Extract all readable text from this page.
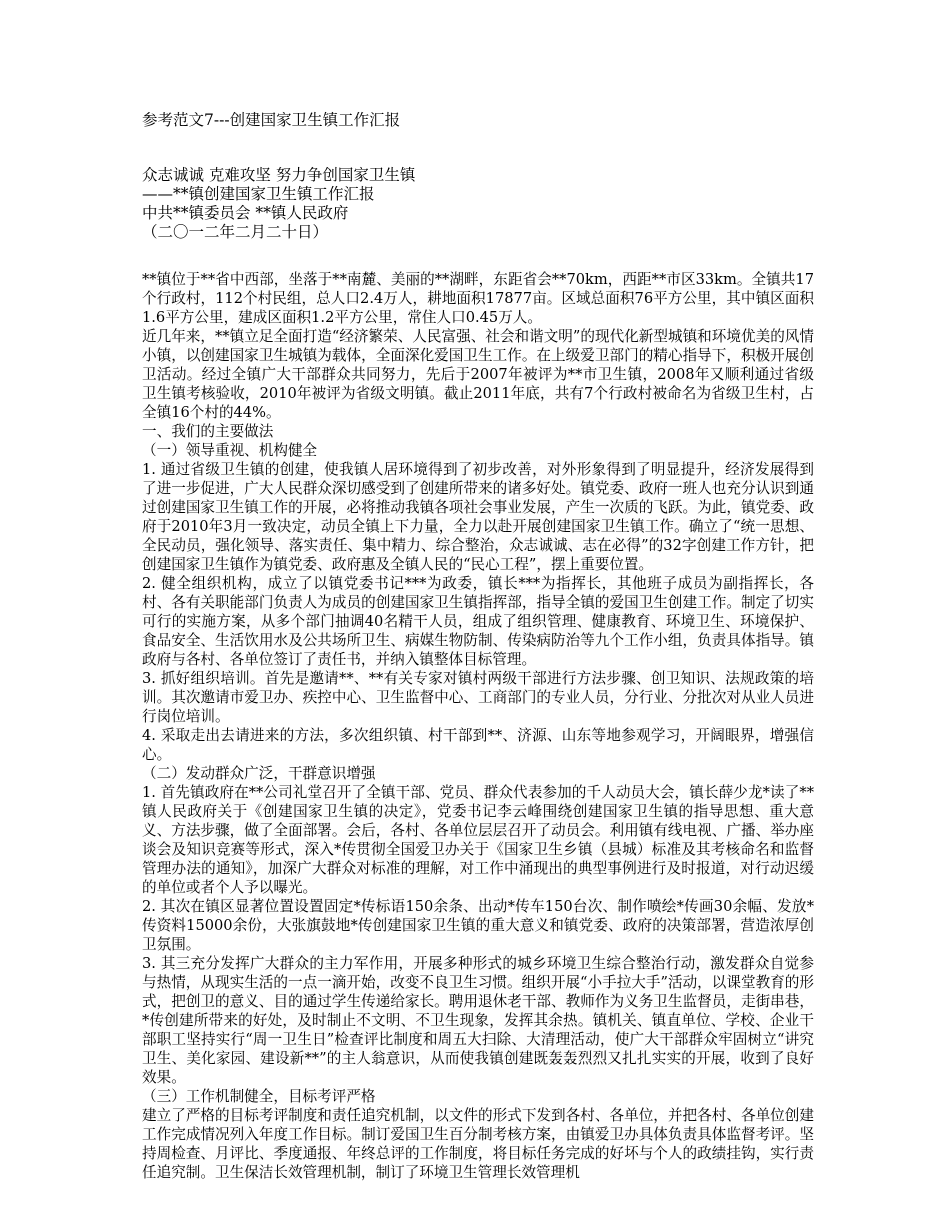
参考范文7---创建国家卫生镇工作汇报
众志诚诚 克难攻坚 努力争创国家卫生镇
——**镇创建国家卫生镇工作汇报
中共**镇委员会 **镇人民政府
（二〇一二年二月二十日）

**镇位于**省中西部，坐落于**南麓、美丽的**湖畔，东距省会**70km，西距**市区33km。全镇共17个行政村，112个村民组，总人口2.4万人，耕地面积17877亩。区域总面积76平方公里，其中镇区面积1.6平方公里，建成区面积1.2平方公里，常住人口0.45万人。

近几年来，**镇立足全面打造“经济繁荣、人民富强、社会和谐文明”的现代化新型城镇和环境优美的风情小镇，以创建国家卫生城镇为载体，全面深化爱国卫生工作。在上级爱卫部门的精心指导下，积极开展创卫活动。经过全镇广大干部群众共同努力，先后于2007年被评为**市卫生镇，2008年又顺利通过省级卫生镇考核验收，2010年被评为省级文明镇。截止2011年底，共有7个行政村被命名为省级卫生村，占全镇16个村的44%。

一、我们的主要做法

（一）领导重视、机构健全

1. 通过省级卫生镇的创建，使我镇人居环境得到了初步改善，对外形象得到了明显提升，经济发展得到了进一步促进，广大人民群众深切感受到了创建所带来的诸多好处。镇党委、政府一班人也充分认识到通过创建国家卫生镇工作的开展，必将推动我镇各项社会事业发展，产生一次质的飞跃。为此，镇党委、政府于2010年3月一致决定，动员全镇上下力量，全力以赴开展创建国家卫生镇工作。确立了“统一思想、全民动员，强化领导、落实责任、集中精力、综合整治，众志诚诚、志在必得”的32字创建工作方针，把创建国家卫生镇作为镇党委、政府惠及全镇人民的“民心工程”，摆上重要位置。

2. 健全组织机构，成立了以镇党委书记***为政委，镇长***为指挥长，其他班子成员为副指挥长，各村、各有关职能部门负责人为成员的创建国家卫生镇指挥部，指导全镇的爱国卫生创建工作。制定了切实可行的实施方案，从多个部门抽调40名精干人员，组成了组织管理、健康教育、环境卫生、环境保护、食品安全、生活饮用水及公共场所卫生、病媒生物防制、传染病防治等九个工作小组，负责具体指导。镇政府与各村、各单位签订了责任书，并纳入镇整体目标管理。

3. 抓好组织培训。首先是邀请**、**有关专家对镇村两级干部进行方法步骤、创卫知识、法规政策的培训。其次邀请市爱卫办、疾控中心、卫生监督中心、工商部门的专业人员，分行业、分批次对从业人员进行岗位培训。

4. 采取走出去请进来的方法，多次组织镇、村干部到**、济源、山东等地参观学习，开阔眼界，增强信心。

（二）发动群众广泛，干群意识增强

1. 首先镇政府在**公司礼堂召开了全镇干部、党员、群众代表参加的千人动员大会，镇长薛少龙*读了**镇人民政府关于《创建国家卫生镇的决定》，党委书记李云峰围绕创建国家卫生镇的指导思想、重大意义、方法步骤，做了全面部署。会后，各村、各单位层层召开了动员会。利用镇有线电视、广播、举办座谈会及知识竞赛等形式，深入*传贯彻全国爱卫办关于《国家卫生乡镇（县城）标准及其考核命名和监督管理办法的通知》，加深广大群众对标准的理解，对工作中涌现出的典型事例进行及时报道，对行动迟缓的单位或者个人予以曝光。

2. 其次在镇区显著位置设置固定*传标语150余条、出动*传车150台次、制作喷绘*传画30余幅、发放*传资料15000余份，大张旗鼓地*传创建国家卫生镇的重大意义和镇党委、政府的决策部署，营造浓厚创卫氛围。

3. 其三充分发挥广大群众的主力军作用，开展多种形式的城乡环境卫生综合整治行动，激发群众自觉参与热情，从现实生活的一点一滴开始，改变不良卫生习惯。组织开展“小手拉大手”活动，以课堂教育的形式，把创卫的意义、目的通过学生传递给家长。聘用退休老干部、教师作为义务卫生监督员，走街串巷，*传创建所带来的好处，及时制止不文明、不卫生现象，发挥其余热。镇机关、镇直单位、学校、企业干部职工坚持实行“周一卫生日”检查评比制度和周五大扫除、大清理活动，使广大干部群众牢固树立“讲究卫生、美化家园、建设新**”的主人翁意识，从而使我镇创建既轰轰烈烈又扎扎实实的开展，收到了良好效果。

（三）工作机制健全，目标考评严格

建立了严格的目标考评制度和责任追究机制，以文件的形式下发到各村、各单位，并把各村、各单位创建工作完成情况列入年度工作目标。制订爱国卫生百分制考核方案，由镇爱卫办具体负责具体监督考评。坚持周检查、月评比、季度通报、年终总评的工作制度，将目标任务完成的好坏与个人的政绩挂钩，实行责任追究制。卫生保洁长效管理机制，制订了环境卫生管理长效管理机
